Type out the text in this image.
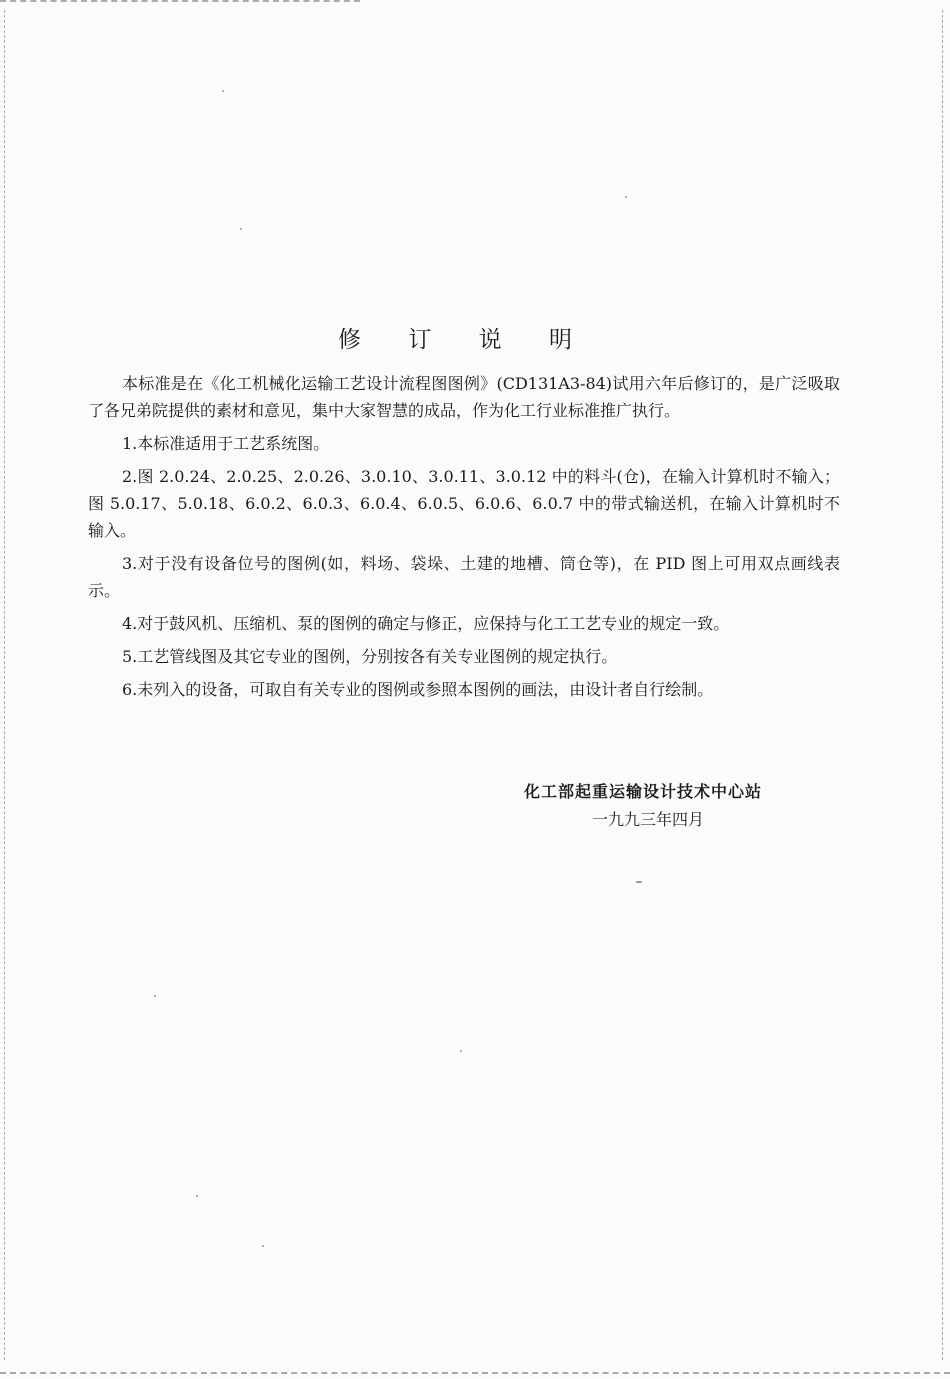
修 订 说 明

本标准是在《化工机械化运输工艺设计流程图图例》(CD131A3-84)试用六年后修订的，是广泛吸取了各兄弟院提供的素材和意见，集中大家智慧的成品，作为化工行业标准推广执行。

1.本标准适用于工艺系统图。

2.图 2.0.24、2.0.25、2.0.26、3.0.10、3.0.11、3.0.12 中的料斗(仓)，在输入计算机时不输入；图 5.0.17、5.0.18、6.0.2、6.0.3、6.0.4、6.0.5、6.0.6、6.0.7 中的带式输送机，在输入计算机时不输入。

3.对于没有设备位号的图例(如，料场、袋垛、土建的地槽、筒仓等)，在 PID 图上可用双点画线表示。

4.对于鼓风机、压缩机、泵的图例的确定与修正，应保持与化工工艺专业的规定一致。

5.工艺管线图及其它专业的图例，分别按各有关专业图例的规定执行。

6.未列入的设备，可取自有关专业的图例或参照本图例的画法，由设计者自行绘制。

化工部起重运输设计技术中心站
一九九三年四月
